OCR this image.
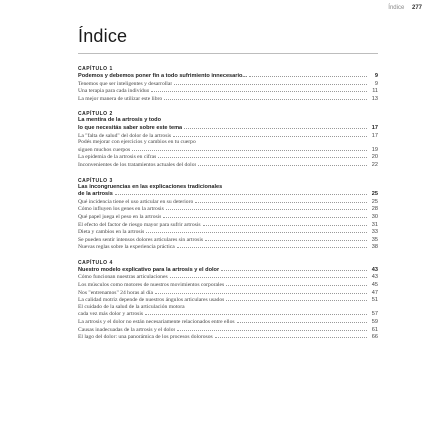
Índice 277
Índice
CAPÍTULO 1
Podemos y debemos poner fin a todo sufrimiento innecesario...	9
Tenemos que ser inteligentes y desarrollar	9
Una terapia para cada individuo	11
La mejor manera de utilizar este libro	13
CAPÍTULO 2
La mentira de la artrosis y todo
lo que necesitás saber sobre este tema	17
La "falta de salud" del dolor de la artrosis	17
Podés mejorar con ejercicios y cambios en tu cuerpo
siguen muchos cuerpos	19
La epidemia de la artrosis en cifras	20
Inconvenientes de los tratamientos actuales del dolor	22
CAPÍTULO 3
Las incongruencias en las explicaciones tradicionales
de la artrosis	25
Qué incidencia tiene el uso articular en su deterioro	25
Cómo influyen los genes en la artrosis	28
Qué papel juega el peso en la artrosis	30
El efecto del factor de riesgo mayor para sufrir artrosis	31
Dieta y cambios en la artrosis	33
Se pueden sentir intensos dolores articulares sin artrosis	35
Nuevas reglas sobre la experiencia práctica	38
CAPÍTULO 4
Nuestro modelo explicativo para la artrosis y el dolor	43
Cómo funcionan nuestras articulaciones	43
Los músculos como motores de nuestros movimientos corporales	45
Nos "entrenamos" 24 horas al día	47
La calidad motriz depende de nuestros ángulos articulares usados	51
El cuidado de la salud de la articulación motora
cada vez más dolor y artrosis	57
La artrosis y el dolor no están necesariamente relacionados entre ellos	59
Causas inadecuadas de la artrosis y el dolor	61
El lago del dolor: una panorámica de los procesos dolorosos	66
